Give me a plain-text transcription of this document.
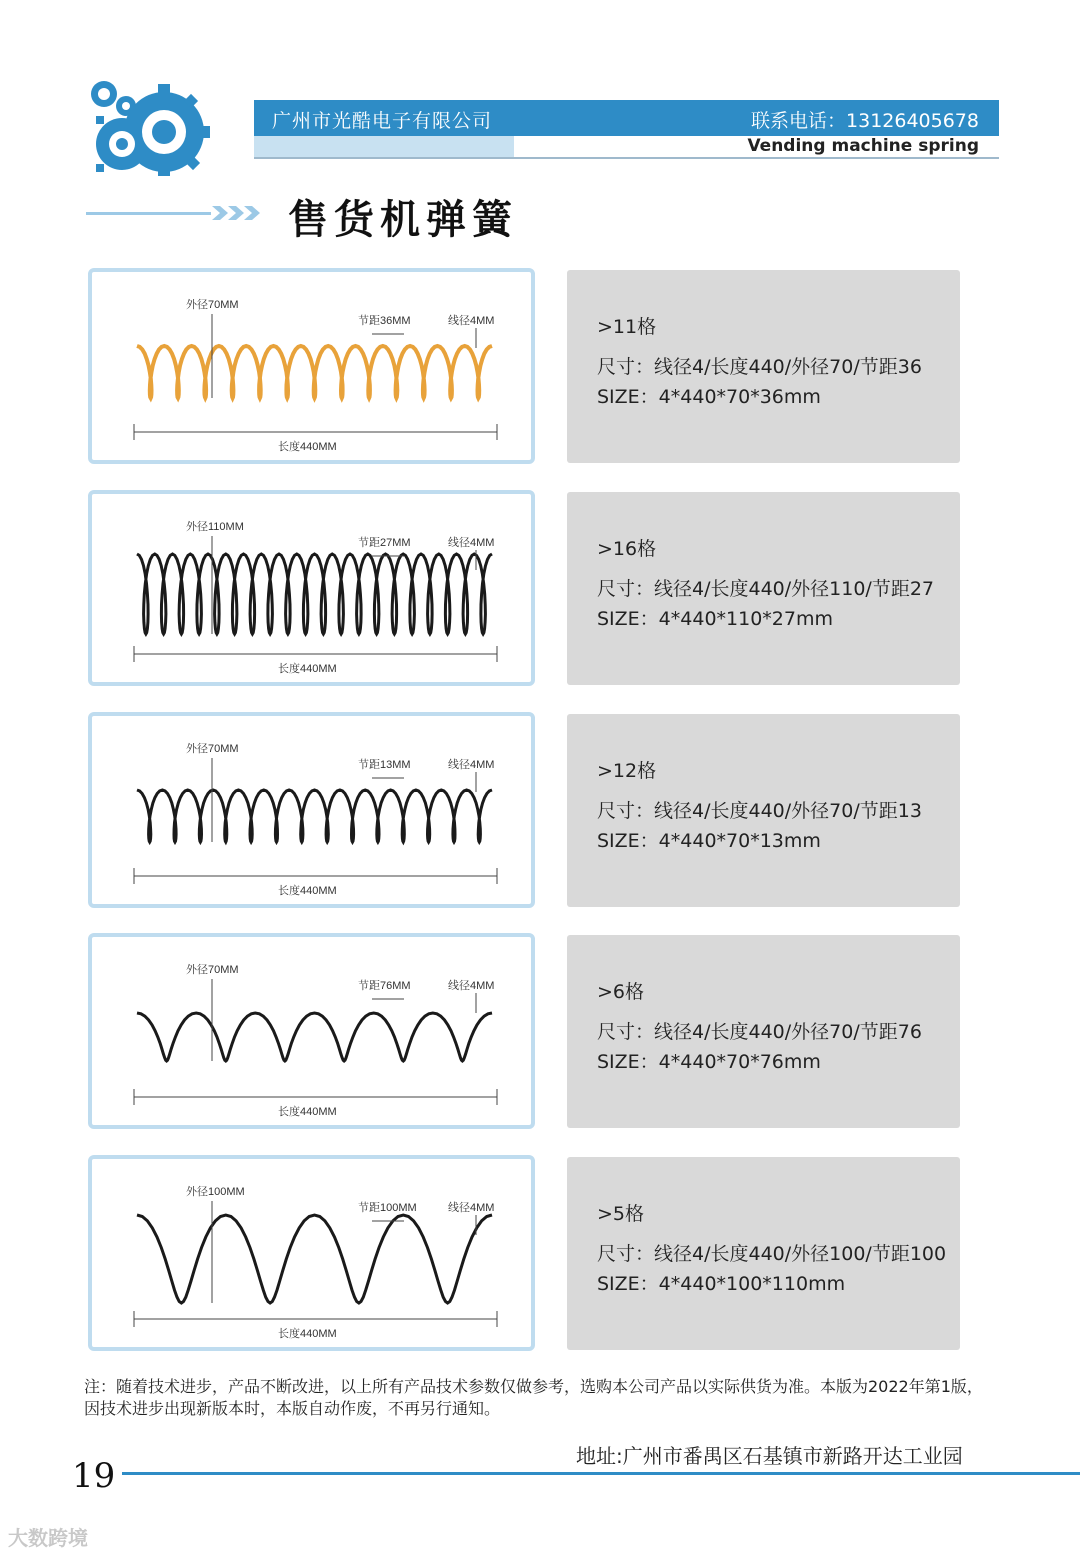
广州市光酷电子有限公司	联系电话：13126405678
Vending machine spring
售货机弹簧
外径70MM
节距36MM	线径4MM
长度440MM
>11格
尺寸：线径4/长度440/外径70/节距36
SIZE：4*440*70*36mm
外径110MM
节距27MM	线径4MM
长度440MM
>16格
尺寸：线径4/长度440/外径110/节距27
SIZE：4*440*110*27mm
外径70MM
节距13MM	线径4MM
长度440MM
>12格
尺寸：线径4/长度440/外径70/节距13
SIZE：4*440*70*13mm
外径70MM
节距76MM	线径4MM
长度440MM
>6格
尺寸：线径4/长度440/外径70/节距76
SIZE：4*440*70*76mm
外径100MM
节距100MM	线径4MM
长度440MM
>5格
尺寸：线径4/长度440/外径100/节距100
SIZE：4*440*100*110mm
注：随着技术进步，产品不断改进，以上所有产品技术参数仅做参考，选购本公司产品以实际供货为准。本版为2022年第1版，因技术进步出现新版本时，本版自动作废，不再另行通知。
地址:广州市番禺区石基镇市新路开达工业园
19
大数跨境
